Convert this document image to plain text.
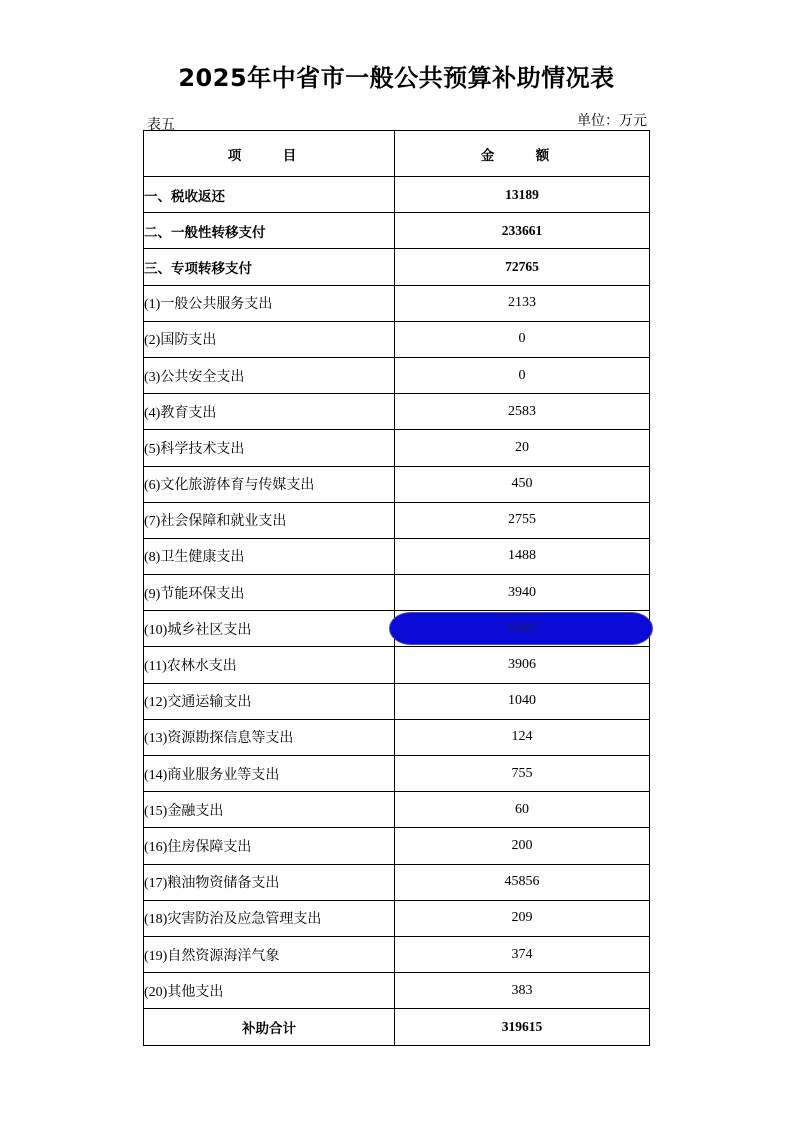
2025年中省市一般公共预算补助情况表
表五	单位：万元
项　目	金　额
一、税收返还	13189
二、一般性转移支付	233661
三、专项转移支付	72765
(1)一般公共服务支出	2133
(2)国防支出	0
(3)公共安全支出	0
(4)教育支出	2583
(5)科学技术支出	20
(6)文化旅游体育与传媒支出	450
(7)社会保障和就业支出	2755
(8)卫生健康支出	1488
(9)节能环保支出	3940
(10)城乡社区支出	6489

(11)农林水支出	3906
(12)交通运输支出	1040
(13)资源勘探信息等支出	124
(14)商业服务业等支出	755
(15)金融支出	60
(16)住房保障支出	200
(17)粮油物资储备支出	45856
(18)灾害防治及应急管理支出	209
(19)自然资源海洋气象	374
(20)其他支出	383
补助合计	319615
